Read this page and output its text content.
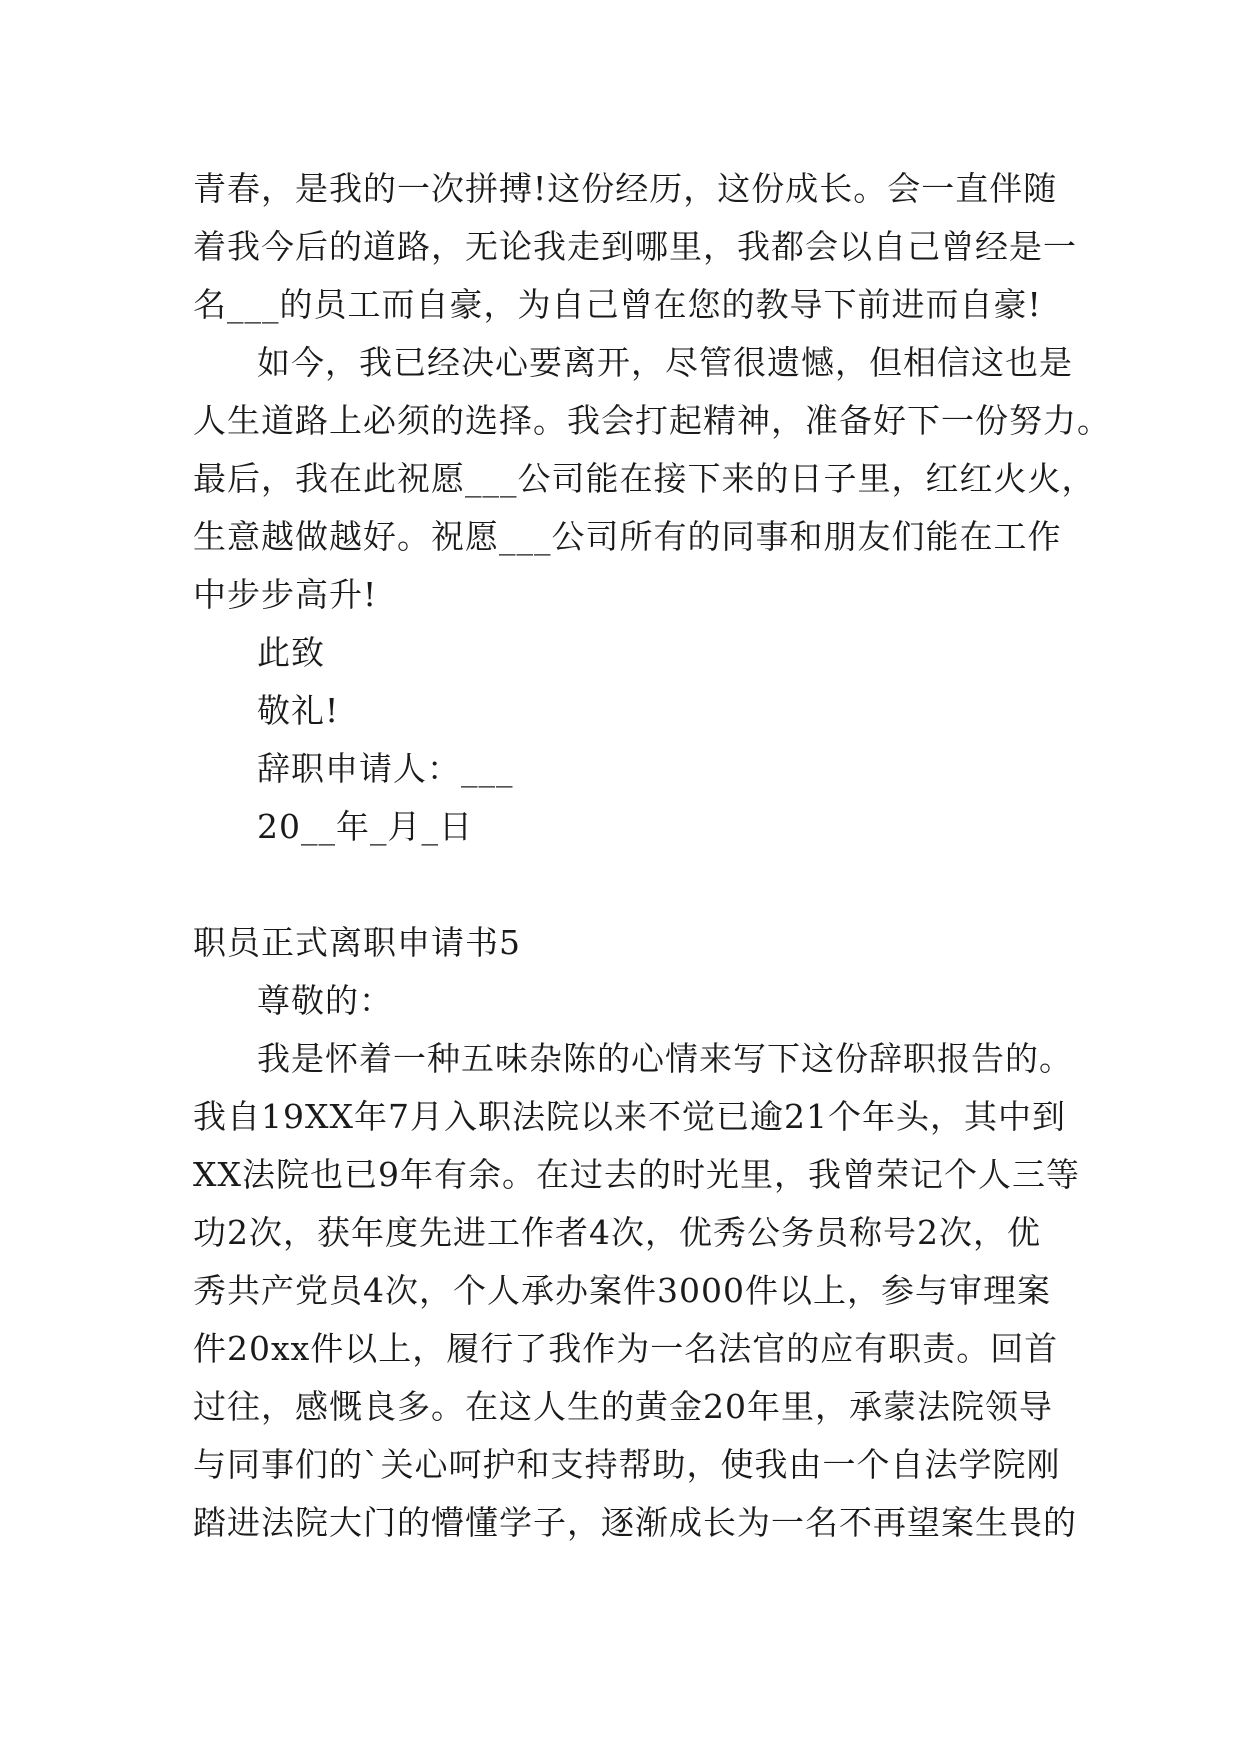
青春，是我的一次拼搏!这份经历，这份成长。会一直伴随
着我今后的道路，无论我走到哪里，我都会以自己曾经是一
名___的员工而自豪，为自己曾在您的教导下前进而自豪!
如今，我已经决心要离开，尽管很遗憾，但相信这也是
人生道路上必须的选择。我会打起精神，准备好下一份努力。
最后，我在此祝愿___公司能在接下来的日子里，红红火火，
生意越做越好。祝愿___公司所有的同事和朋友们能在工作
中步步高升!
此致
敬礼!
辞职申请人：___
20__年_月_日
职员正式离职申请书5
尊敬的：
我是怀着一种五味杂陈的心情来写下这份辞职报告的。
我自19XX年7月入职法院以来不觉已逾21个年头，其中到
XX法院也已9年有余。在过去的时光里，我曾荣记个人三等
功2次，获年度先进工作者4次，优秀公务员称号2次，优
秀共产党员4次，个人承办案件3000件以上，参与审理案
件20xx件以上，履行了我作为一名法官的应有职责。回首
过往，感慨良多。在这人生的黄金20年里，承蒙法院领导
与同事们的`关心呵护和支持帮助，使我由一个自法学院刚
踏进法院大门的懵懂学子，逐渐成长为一名不再望案生畏的
